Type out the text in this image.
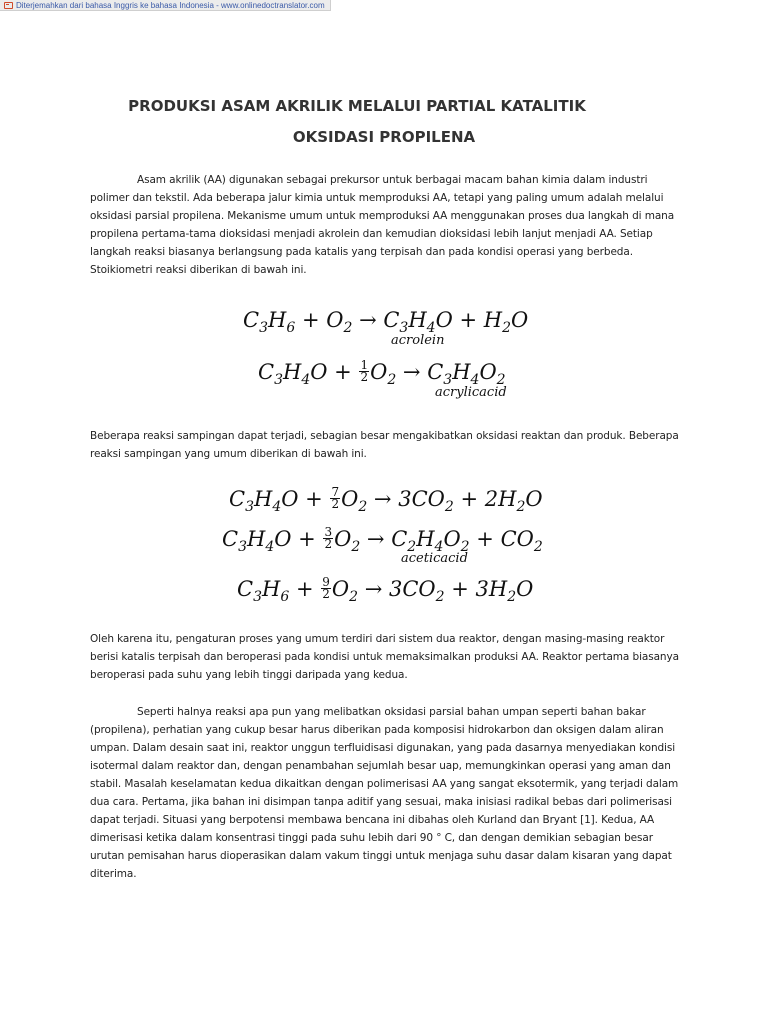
Diterjemahkan dari bahasa Inggris ke bahasa Indonesia - www.onlinedoctranslator.com
PRODUKSI ASAM AKRILIK MELALUI PARTIAL KATALITIK
OKSIDASI PROPILENA

Asam akrilik (AA) digunakan sebagai prekursor untuk berbagai macam bahan kimia dalam industri polimer dan tekstil. Ada beberapa jalur kimia untuk memproduksi AA, tetapi yang paling umum adalah melalui oksidasi parsial propilena. Mekanisme umum untuk memproduksi AA menggunakan proses dua langkah di mana propilena pertama-tama dioksidasi menjadi akrolein dan kemudian dioksidasi lebih lanjut menjadi AA. Setiap langkah reaksi biasanya berlangsung pada katalis yang terpisah dan pada kondisi operasi yang berbeda. Stoikiometri reaksi diberikan di bawah ini.

$C_3H_6 + O_2 \to C_3H_4O + H_2O$
acrolein
$C_3H_4O + \frac{1}{2} O_2 \to C_3H_4O_2$
acrylicacid

Beberapa reaksi sampingan dapat terjadi, sebagian besar mengakibatkan oksidasi reaktan dan produk. Beberapa reaksi sampingan yang umum diberikan di bawah ini.

$C_3H_4O + \frac{7}{2} O_2 \to 3CO_2 + 2H_2O$
$C_3H_4O + \frac{3}{2} O_2 \to C_2H_4O_2 + CO_2$
aceticacid
$C_3H_6 + \frac{9}{2} O_2 \to 3CO_2 + 3H_2O$

Oleh karena itu, pengaturan proses yang umum terdiri dari sistem dua reaktor, dengan masing-masing reaktor berisi katalis terpisah dan beroperasi pada kondisi untuk memaksimalkan produksi AA. Reaktor pertama biasanya beroperasi pada suhu yang lebih tinggi daripada yang kedua.

Seperti halnya reaksi apa pun yang melibatkan oksidasi parsial bahan umpan seperti bahan bakar (propilena), perhatian yang cukup besar harus diberikan pada komposisi hidrokarbon dan oksigen dalam aliran umpan. Dalam desain saat ini, reaktor unggun terfluidisasi digunakan, yang pada dasarnya menyediakan kondisi isotermal dalam reaktor dan, dengan penambahan sejumlah besar uap, memungkinkan operasi yang aman dan stabil. Masalah keselamatan kedua dikaitkan dengan polimerisasi AA yang sangat eksotermik, yang terjadi dalam dua cara. Pertama, jika bahan ini disimpan tanpa aditif yang sesuai, maka inisiasi radikal bebas dari polimerisasi dapat terjadi. Situasi yang berpotensi membawa bencana ini dibahas oleh Kurland dan Bryant [1]. Kedua, AA dimerisasi ketika dalam konsentrasi tinggi pada suhu lebih dari 90 ° C, dan dengan demikian sebagian besar urutan pemisahan harus dioperasikan dalam vakum tinggi untuk menjaga suhu dasar dalam kisaran yang dapat diterima.
